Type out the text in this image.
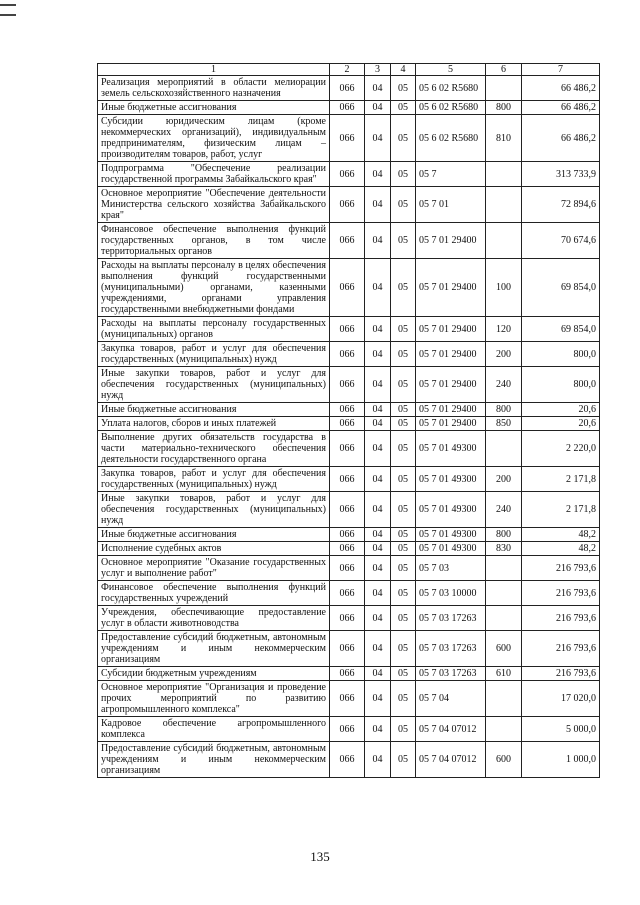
1	2	3	4	5	6	7
Реализация мероприятий в области мелиорации земель сельскохозяйственного назначения	066	04	05	05 6 02 R5680		66 486,2
Иные бюджетные ассигнования	066	04	05	05 6 02 R5680	800	66 486,2
Субсидии юридическим лицам (кроме некоммерческих организаций), индивидуальным предпринимателям, физическим лицам – производителям товаров, работ, услуг	066	04	05	05 6 02 R5680	810	66 486,2
Подпрограмма "Обеспечение реализации государственной программы Забайкальского края"	066	04	05	05 7		313 733,9
Основное мероприятие "Обеспечение деятельности Министерства сельского хозяйства Забайкальского края"	066	04	05	05 7 01		72 894,6
Финансовое обеспечение выполнения функций государственных органов, в том числе территориальных органов	066	04	05	05 7 01 29400		70 674,6
Расходы на выплаты персоналу в целях обеспечения выполнения функций государственными (муниципальными) органами, казенными учреждениями, органами управления государственными внебюджетными фондами	066	04	05	05 7 01 29400	100	69 854,0
Расходы на выплаты персоналу государственных (муниципальных) органов	066	04	05	05 7 01 29400	120	69 854,0
Закупка товаров, работ и услуг для обеспечения государственных (муниципальных) нужд	066	04	05	05 7 01 29400	200	800,0
Иные закупки товаров, работ и услуг для обеспечения государственных (муниципальных) нужд	066	04	05	05 7 01 29400	240	800,0
Иные бюджетные ассигнования	066	04	05	05 7 01 29400	800	20,6
Уплата налогов, сборов и иных платежей	066	04	05	05 7 01 29400	850	20,6
Выполнение других обязательств государства в части материально-технического обеспечения деятельности государственного органа	066	04	05	05 7 01 49300		2 220,0
Закупка товаров, работ и услуг для обеспечения государственных (муниципальных) нужд	066	04	05	05 7 01 49300	200	2 171,8
Иные закупки товаров, работ и услуг для обеспечения государственных (муниципальных) нужд	066	04	05	05 7 01 49300	240	2 171,8
Иные бюджетные ассигнования	066	04	05	05 7 01 49300	800	48,2
Исполнение судебных актов	066	04	05	05 7 01 49300	830	48,2
Основное мероприятие "Оказание государственных услуг и выполнение работ"	066	04	05	05 7 03		216 793,6
Финансовое обеспечение выполнения функций государственных учреждений	066	04	05	05 7 03 10000		216 793,6
Учреждения, обеспечивающие предоставление услуг в области животноводства	066	04	05	05 7 03 17263		216 793,6
Предоставление субсидий бюджетным, автономным учреждениям и иным некоммерческим организациям	066	04	05	05 7 03 17263	600	216 793,6
Субсидии бюджетным учреждениям	066	04	05	05 7 03 17263	610	216 793,6
Основное мероприятие "Организация и проведение прочих мероприятий по развитию агропромышленного комплекса"	066	04	05	05 7 04		17 020,0
Кадровое обеспечение агропромышленного комплекса	066	04	05	05 7 04 07012		5 000,0
Предоставление субсидий бюджетным, автономным учреждениям и иным некоммерческим организациям	066	04	05	05 7 04 07012	600	1 000,0
135
